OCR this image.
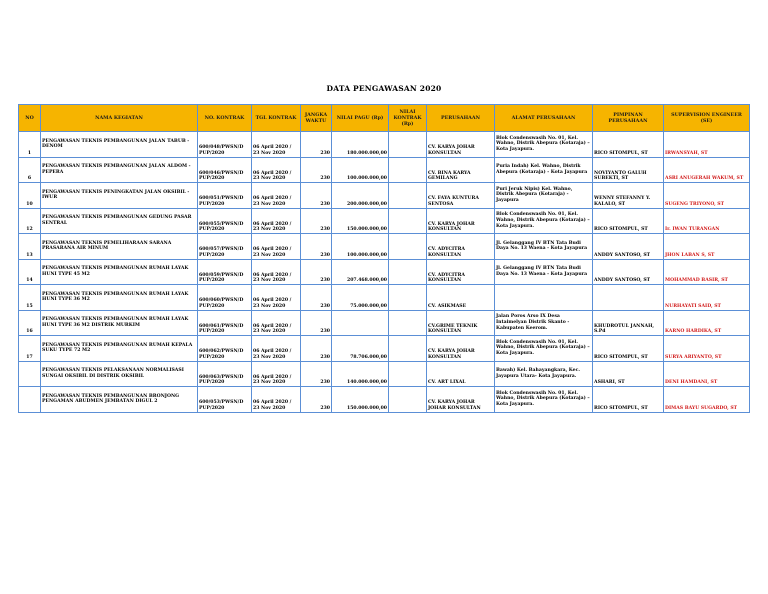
DATA PENGAWASAN 2020
NO	NAMA KEGIATAN	NO. KONTRAK	TGL KONTRAK	JANGKA WAKTU	NILAI PAGU (Rp)	NILAI KONTRAK (Rp)	PERUSAHAAN	ALAMAT PERUSAHAAN	PIMPINAN PERUSAHAAN	SUPERVISION ENGINEER (SE)
1	PENGAWASAN TEKNIS PEMBANGUNAN JALAN TABUB - DENOM	600/048/PWSN/D PUP/2020	06 April 2020 / 23 Nov 2020	230	180.000.000,00		CV. KARYA JOHAR KONSULTAN	Blok Condenswasih No. 01, Kel. Wahno, Distrik Abepura (Kotaraja) – Kota Jayapura.	RICO SITOMPUL, ST	IRWANSYAH, ST
6	PENGAWASAN TEKNIS PEMBANGUNAN JALAN ALDOM - PEPERA	600/046/PWSN/D PUP/2020	06 April 2020 / 23 Nov 2020	230	100.000.000,00		CV. BINA KARYA GEMILANG	Puria Indah) Kel. Wahno, Distrik Abepura (Kotaraja) - Kota Jayapura	NOVIYANTO GALUH SUBEKTI, ST	ASRI ANUGERAH WAKUM, ST
10	PENGAWASAN TEKNIS PENINGKATAN JALAN OKSIBIL - IWUR	600/051/PWSN/D PUP/2020	06 April 2020 / 23 Nov 2020	230	200.000.000,00		CV. FAYA KUNTURA SENTOSA	Puri Jeruk Nipis) Kel. Wahno, Distrik Abepura (Kotaraja) - Jayapura	WENNY STEFANNY Y. KALALO, ST	SUGENG TRIYONO, ST
12	PENGAWASAN TEKNIS PEMBANGUNAN GEDUNG PASAR SENTRAL	600/055/PWSN/D PUP/2020	06 April 2020 / 23 Nov 2020	230	150.000.000,00		CV. KARYA JOHAR KONSULTAN	Blok Condenswasih No. 01, Kel. Wahno, Distrik Abepura (Kotaraja) – Kota Jayapura.	RICO SITOMPUL, ST	Ir. IWAN TURANGAN
13	PENGAWASAN TEKNIS PEMELIHARAAN SARANA PRASARANA AIR MINUM	600/057/PWSN/D PUP/2020	06 April 2020 / 23 Nov 2020	230	100.000.000,00		CV. ADYCITRA KONSULTAN	Jl. Gelanggang IV BTN Tata Budi Daya No. 13 Waena - Kota Jayapura	ANDDY SANTOSO, ST	JHON LABAN S, ST
14	PENGAWASAN TEKNIS PEMBANGUNAN RUMAH LAYAK HUNI TYPE 45 M2	600/059/PWSN/D PUP/2020	06 April 2020 / 23 Nov 2020	230	207.468.000,00		CV. ADYCITRA KONSULTAN	Jl. Gelanggang IV BTN Tata Budi Daya No. 13 Waena - Kota Jayapura	ANDDY SANTOSO, ST	MOHAMMAD BASIR, ST
15	PENGAWASAN TEKNIS PEMBANGUNAN RUMAH LAYAK HUNI TYPE 36 M2	600/060/PWSN/D PUP/2020	06 April 2020 / 23 Nov 2020	230	75.000.000,00		CV. ASIKMASE			NURHAYATI SAID, ST
16	PENGAWASAN TEKNIS PEMBANGUNAN RUMAH LAYAK HUNI TYPE 36 M2 DISTRIK MURKIM	600/061/PWSN/D PUP/2020	06 April 2020 / 23 Nov 2020	230			CV.GRIME TEKNIK KONSULTAN	Jalan Poros Arso IX Desa Intaimelyan Distrik Skanto - Kabupaten Keerom.	KHUDROTUL JANNAH, S.Pd	KARNO HARDIKA, ST
17	PENGAWASAN TEKNIS PEMBANGUNAN RUMAH KEPALA SUKU TYPE 72 M2	600/062/PWSN/D PUP/2020	06 April 2020 / 23 Nov 2020	230	78.706.000,00		CV. KARYA JOHAR KONSULTAN	Blok Condenswasih No. 01, Kel. Wahno, Distrik Abepura (Kotaraja) – Kota Jayapura.	RICO SITOMPUL, ST	SURYA ARIYANTO, ST
	PENGAWASAN TEKNIS PELAKSANAAN NORMALISASI SUNGAI OKSIBIL DI DISTRIK OKSIBIL	600/063/PWSN/D PUP/2020	06 April 2020 / 23 Nov 2020	230	140.000.000,00		CV. ART LIXAL	Bawah) Kel. Bahayangkara, Kec. Jayapura Utara- Kota Jayapura.	ASHARI, ST	DENI HAMDANI, ST
	PENGAWASAN TEKNIS PEMBANGUNAN BRONJONG PENGAMAN ABUDMEN JEMBATAN DIGUL 2	600/053/PWSN/D PUP/2020	06 April 2020 / 23 Nov 2020	230	150.000.000,00		CV. KARYA JOHAR JOHAR KONSULTAN	Blok Condenswasih No. 01, Kel. Wahno, Distrik Abepura (Kotaraja) – Kota Jayapura.	RICO SITOMPUL, ST	DIMAS BAYU SUGARDO, ST
